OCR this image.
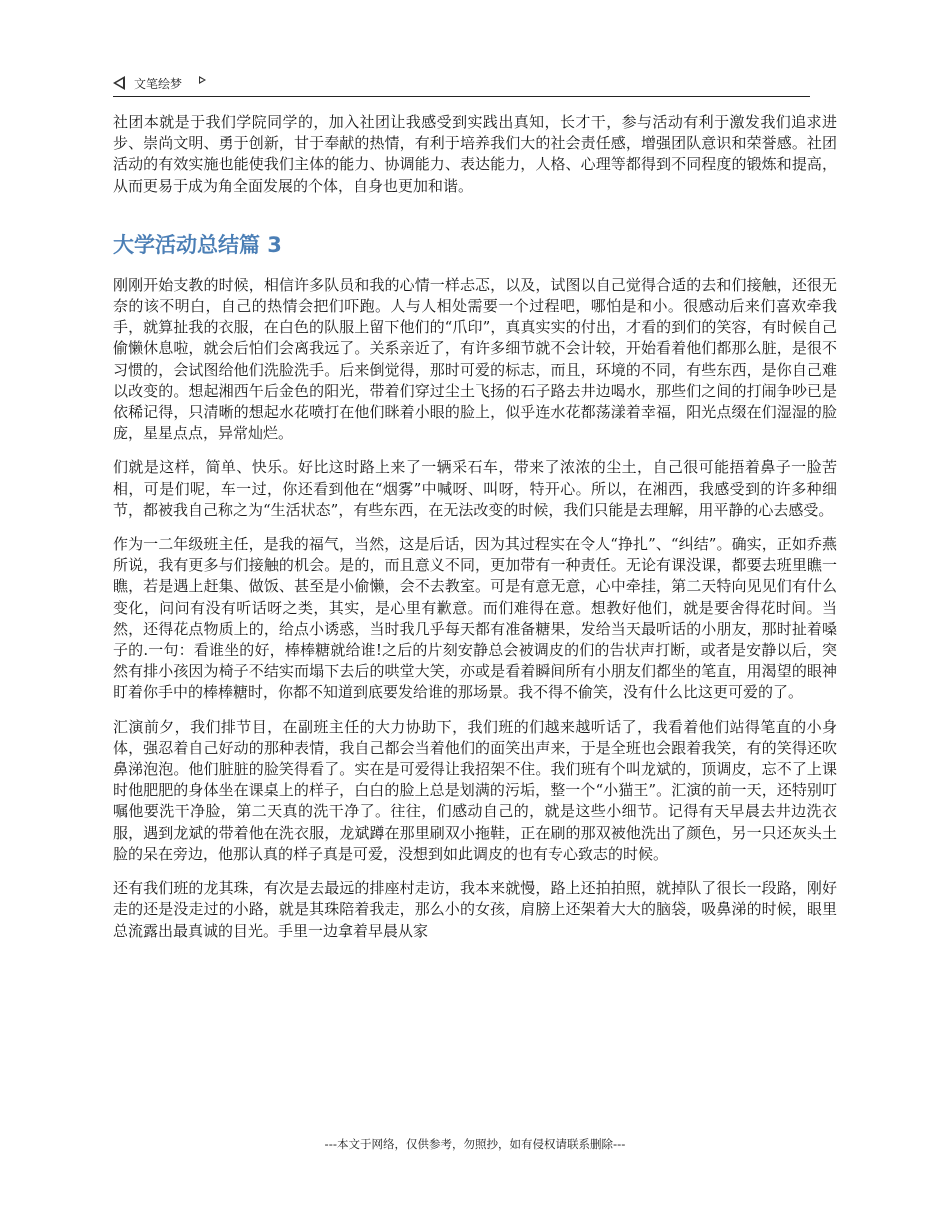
文笔绘梦

社团本就是于我们学院同学的，加入社团让我感受到实践出真知，长才干，参与活动有利于激发我们追求进步、崇尚文明、勇于创新，甘于奉献的热情，有利于培养我们大的社会责任感，增强团队意识和荣誉感。社团活动的有效实施也能使我们主体的能力、协调能力、表达能力，人格、心理等都得到不同程度的锻炼和提高，从而更易于成为角全面发展的个体，自身也更加和谐。

大学活动总结篇 3

刚刚开始支教的时候，相信许多队员和我的心情一样忐忑，以及，试图以自己觉得合适的去和们接触，还很无奈的该不明白，自己的热情会把们吓跑。人与人相处需要一个过程吧，哪怕是和小。很感动后来们喜欢牵我手，就算扯我的衣服，在白色的队服上留下他们的“爪印”，真真实实的付出，才看的到们的笑容，有时候自己偷懒休息啦，就会后怕们会离我远了。关系亲近了，有许多细节就不会计较，开始看着他们都那么脏，是很不习惯的，会试图给他们洗脸洗手。后来倒觉得，那时可爱的标志，而且，环境的不同，有些东西，是你自己难以改变的。想起湘西午后金色的阳光，带着们穿过尘土飞扬的石子路去井边喝水，那些们之间的打闹争吵已是依稀记得，只清晰的想起水花喷打在他们眯着小眼的脸上，似乎连水花都荡漾着幸福，阳光点缀在们湿湿的脸庞，星星点点，异常灿烂。

们就是这样，简单、快乐。好比这时路上来了一辆采石车，带来了浓浓的尘土，自己很可能捂着鼻子一脸苦相，可是们呢，车一过，你还看到他在“烟雾”中喊呀、叫呀，特开心。所以，在湘西，我感受到的许多种细节，都被我自己称之为“生活状态”，有些东西，在无法改变的时候，我们只能是去理解，用平静的心去感受。

作为一二年级班主任，是我的福气，当然，这是后话，因为其过程实在令人“挣扎”、“纠结”。确实，正如乔燕所说，我有更多与们接触的机会。是的，而且意义不同，更加带有一种责任。无论有课没课，都要去班里瞧一瞧，若是遇上赶集、做饭、甚至是小偷懒，会不去教室。可是有意无意，心中牵挂，第二天特向见见们有什么变化，问问有没有听话呀之类，其实，是心里有歉意。而们难得在意。想教好他们，就是要舍得花时间。当然，还得花点物质上的，给点小诱惑，当时我几乎每天都有准备糖果，发给当天最听话的小朋友，那时扯着嗓子的.一句：看谁坐的好，棒棒糖就给谁!之后的片刻安静总会被调皮的们的告状声打断，或者是安静以后，突然有排小孩因为椅子不结实而塌下去后的哄堂大笑，亦或是看着瞬间所有小朋友们都坐的笔直，用渴望的眼神盯着你手中的棒棒糖时，你都不知道到底要发给谁的那场景。我不得不偷笑，没有什么比这更可爱的了。

汇演前夕，我们排节目，在副班主任的大力协助下，我们班的们越来越听话了，我看着他们站得笔直的小身体，强忍着自己好动的那种表情，我自己都会当着他们的面笑出声来，于是全班也会跟着我笑，有的笑得还吹鼻涕泡泡。他们脏脏的脸笑得看了。实在是可爱得让我招架不住。我们班有个叫龙斌的，顶调皮，忘不了上课时他肥肥的身体坐在课桌上的样子，白白的脸上总是划满的污垢，整一个“小猫王”。汇演的前一天，还特别叮嘱他要洗干净脸，第二天真的洗干净了。往往，们感动自己的，就是这些小细节。记得有天早晨去井边洗衣服，遇到龙斌的带着他在洗衣服，龙斌蹲在那里刷双小拖鞋，正在刷的那双被他洗出了颜色，另一只还灰头土脸的呆在旁边，他那认真的样子真是可爱，没想到如此调皮的也有专心致志的时候。

还有我们班的龙其珠，有次是去最远的排座村走访，我本来就慢，路上还拍拍照，就掉队了很长一段路，刚好走的还是没走过的小路，就是其珠陪着我走，那么小的女孩，肩膀上还架着大大的脑袋，吸鼻涕的时候，眼里总流露出最真诚的目光。手里一边拿着早晨从家

---本文于网络，仅供参考，勿照抄，如有侵权请联系删除---
